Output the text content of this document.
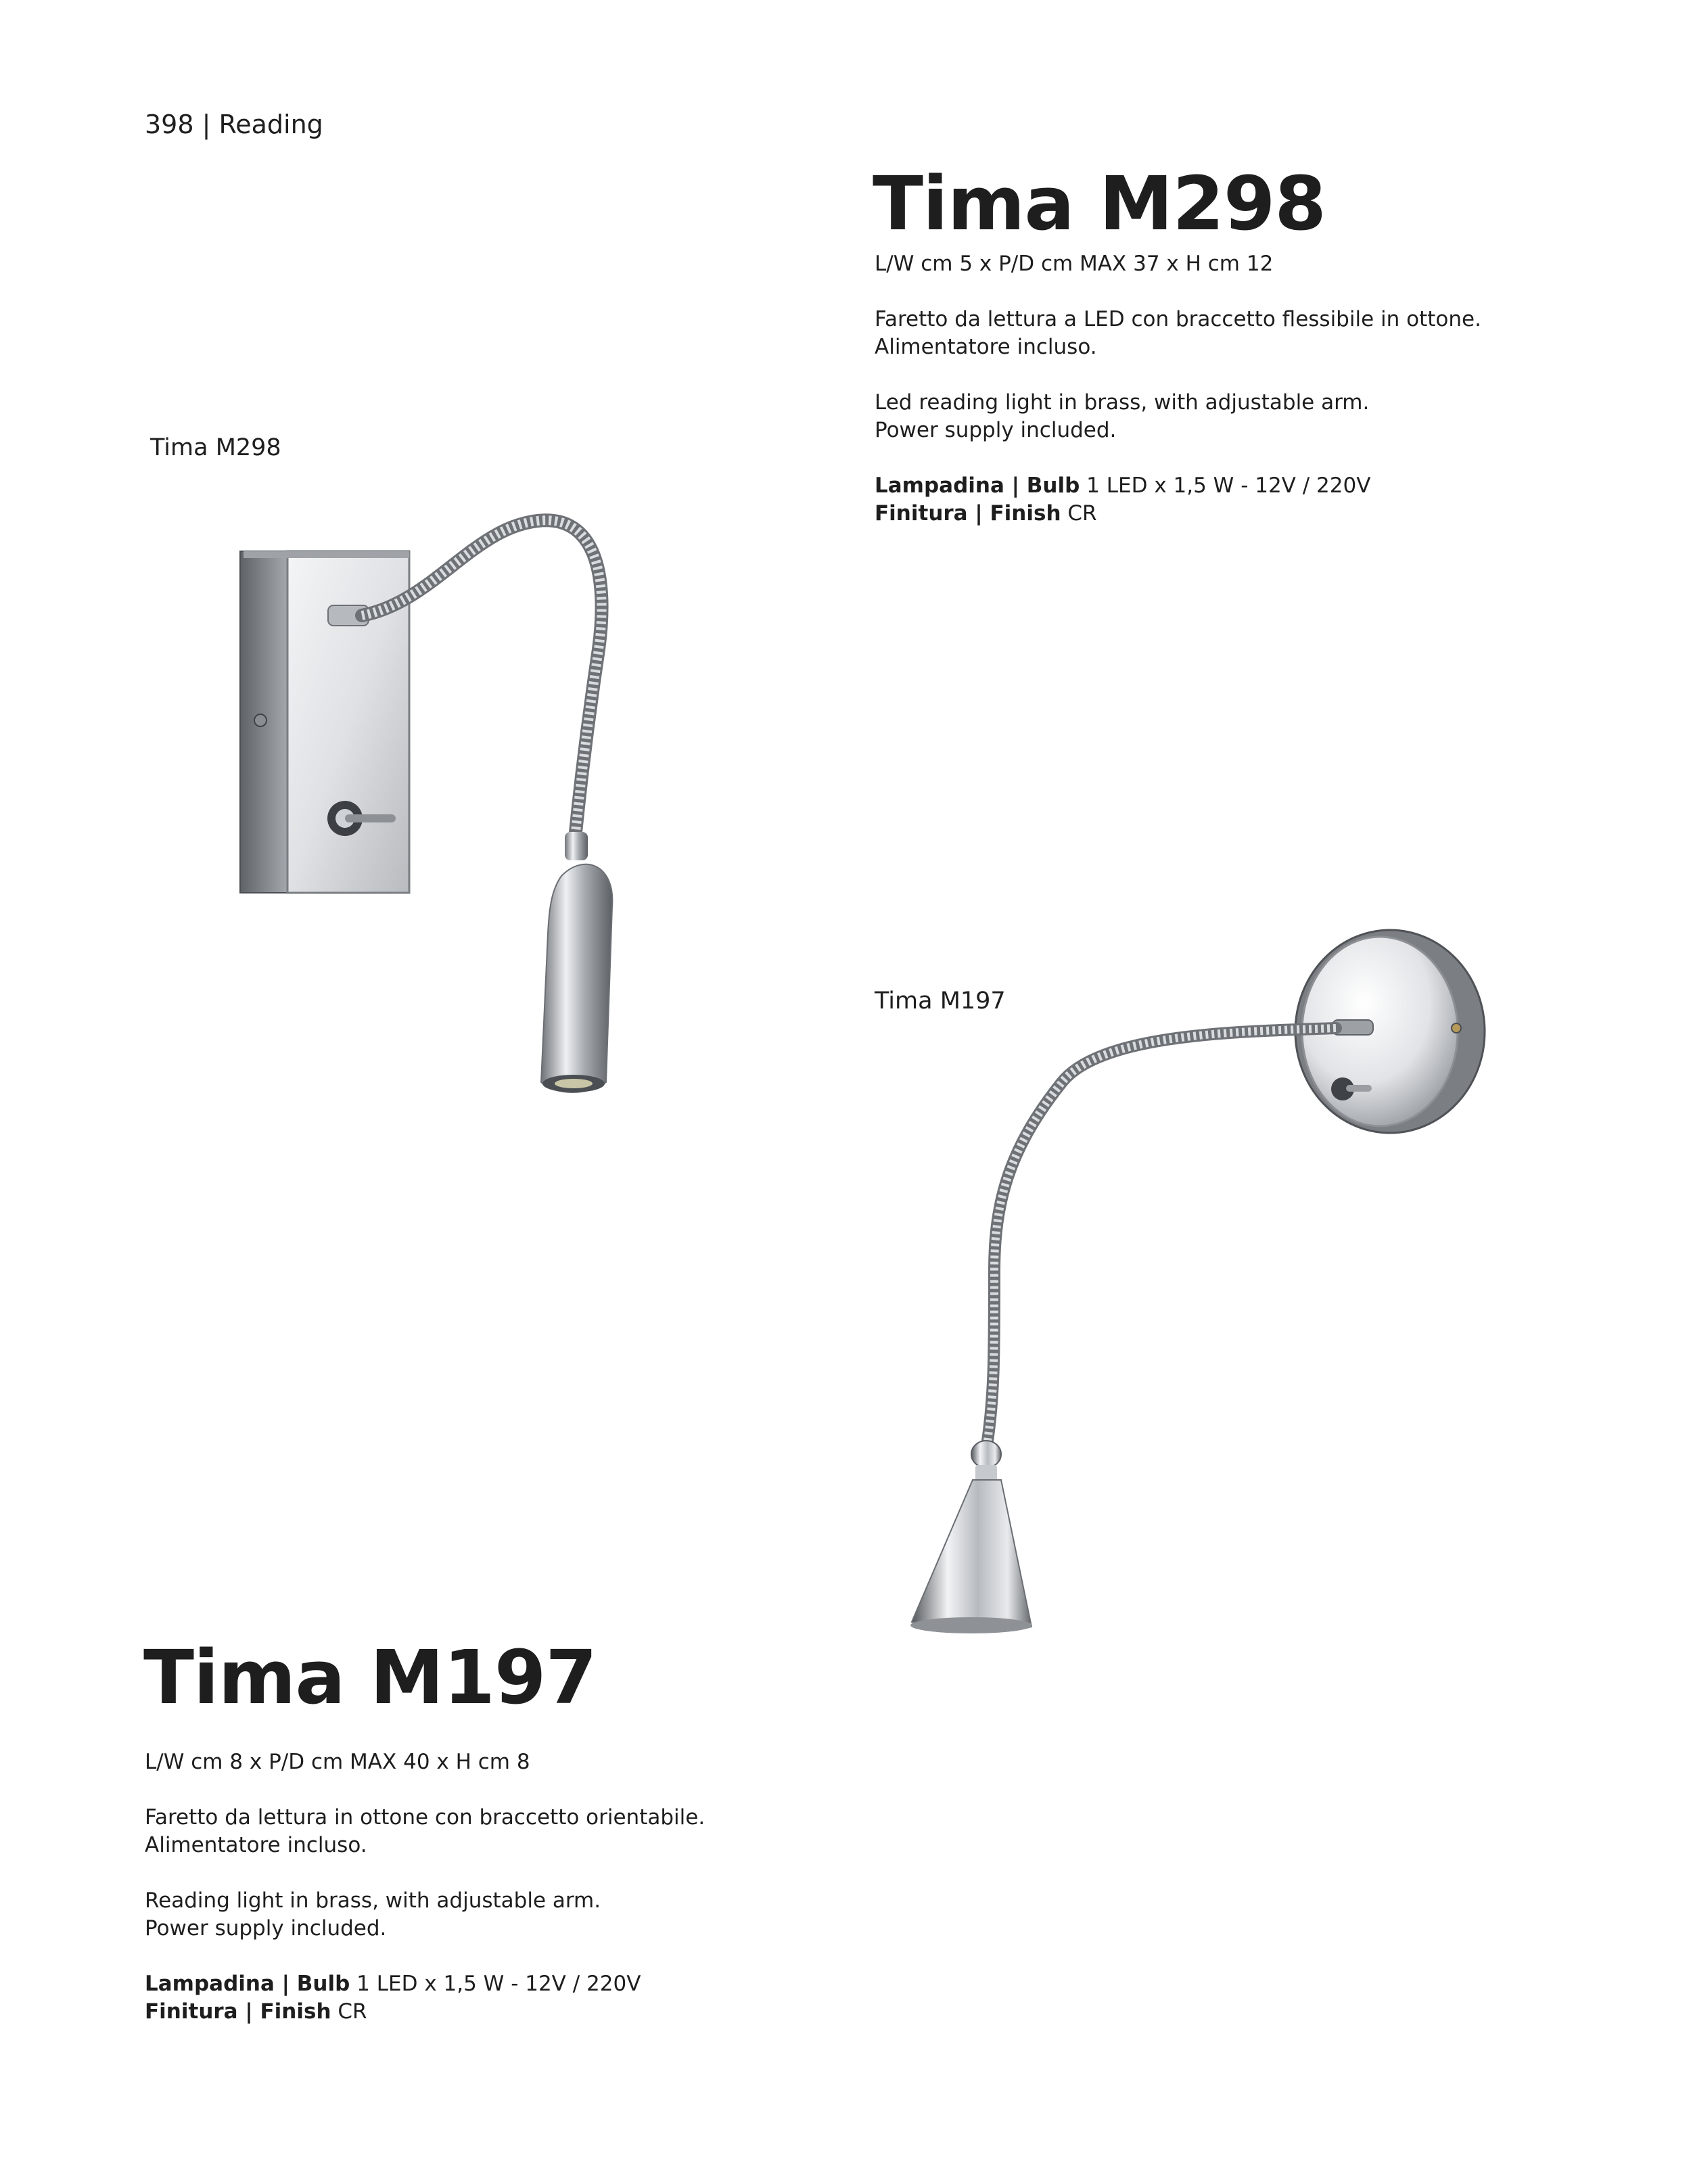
398 | Reading
Tima M298

L/W cm 5 x P/D cm MAX 37 x H cm 12

Faretto da lettura a LED con braccetto flessibile in ottone.

Alimentatore incluso.

Led reading light in brass, with adjustable arm.

Power supply included.

Lampadina | Bulb 1 LED x 1,5 W - 12V / 220V

Finitura | Finish CR

Tima M298
Tima M197
Tima M197

L/W cm 8 x P/D cm MAX 40 x H cm 8

Faretto da lettura in ottone con braccetto orientabile.

Alimentatore incluso.

Reading light in brass, with adjustable arm.

Power supply included.

Lampadina | Bulb 1 LED x 1,5 W - 12V / 220V

Finitura | Finish CR
